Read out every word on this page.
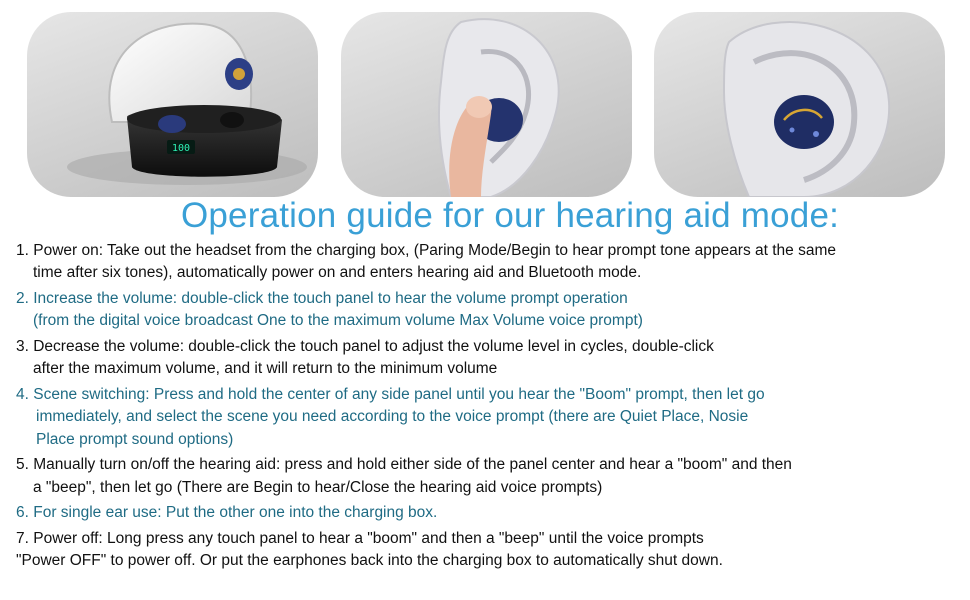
100
Operation guide for our hearing aid mode:
1. Power on: Take out the headset from the charging box, (Paring Mode/Begin to hear prompt tone appears at the same
time after six tones), automatically power on and enters hearing aid and Bluetooth mode.
2. Increase the volume: double-click the touch panel to hear the volume prompt operation
(from the digital voice broadcast One to the maximum volume Max Volume voice prompt)
3. Decrease the volume: double-click the touch panel to adjust the volume level in cycles, double-click
after the maximum volume, and it will return to the minimum volume
4. Scene switching: Press and hold the center of any side panel until you hear the "Boom" prompt, then let go
immediately, and select the scene you need according to the voice prompt (there are Quiet Place, Nosie
Place prompt sound options)
5. Manually turn on/off the hearing aid: press and hold either side of the panel center and hear a "boom" and then
a "beep", then let go (There are Begin to hear/Close the hearing aid voice prompts)
6. For single ear use: Put the other one into the charging box.
7. Power off: Long press any touch panel to hear a "boom" and then a "beep" until the voice prompts
"Power OFF" to power off. Or put the earphones back into the charging box to automatically shut down.
